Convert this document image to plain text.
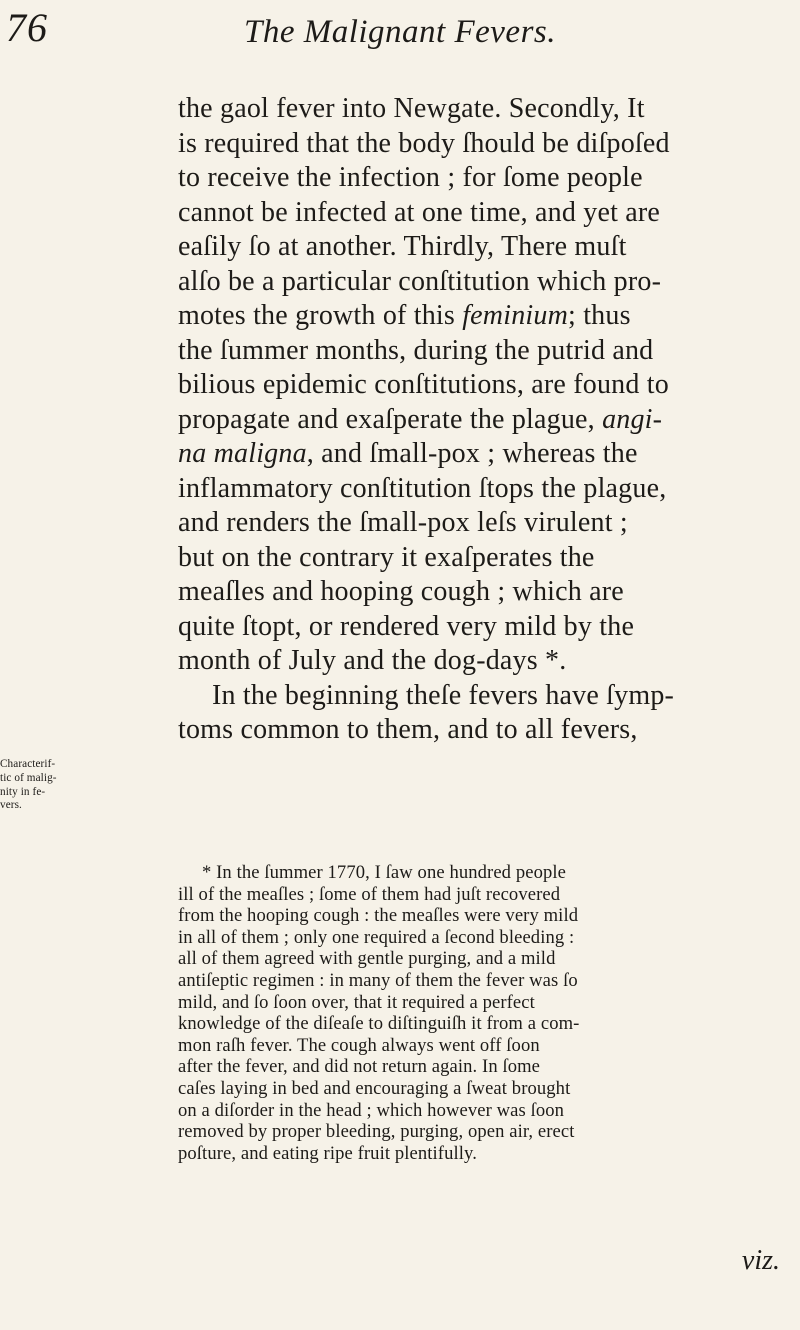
76	The Malignant Fevers.

the gaol fever into Newgate. Secondly, It
is required that the body ſhould be diſpoſed
to receive the infection ; for ſome people
cannot be infected at one time, and yet are
eaſily ſo at another. Thirdly, There muſt
alſo be a particular conſtitution which pro-
motes the growth of this feminium; thus
the ſummer months, during the putrid and
bilious epidemic conſtitutions, are found to
propagate and exaſperate the plague, angi-
na maligna, and ſmall-pox ; whereas the
inflammatory conſtitution ſtops the plague,
and renders the ſmall-pox leſs virulent ;
but on the contrary it exaſperates the
meaſles and hooping cough ; which are
quite ſtopt, or rendered very mild by the
month of July and the dog-days *.

In the beginning theſe fevers have ſymp-
toms common to them, and to all fevers,

Characterif-
tic of malig-
nity in fe-
vers.
* In the ſummer 1770, I ſaw one hundred people
ill of the meaſles ; ſome of them had juſt recovered
from the hooping cough : the meaſles were very mild
in all of them ; only one required a ſecond bleeding :
all of them agreed with gentle purging, and a mild
antiſeptic regimen : in many of them the fever was ſo
mild, and ſo ſoon over, that it required a perfect
knowledge of the diſeaſe to diſtinguiſh it from a com-
mon raſh fever. The cough always went off ſoon
after the fever, and did not return again. In ſome
caſes laying in bed and encouraging a ſweat brought
on a diſorder in the head ; which however was ſoon
removed by proper bleeding, purging, open air, erect
poſture, and eating ripe fruit plentifully.
viz.
